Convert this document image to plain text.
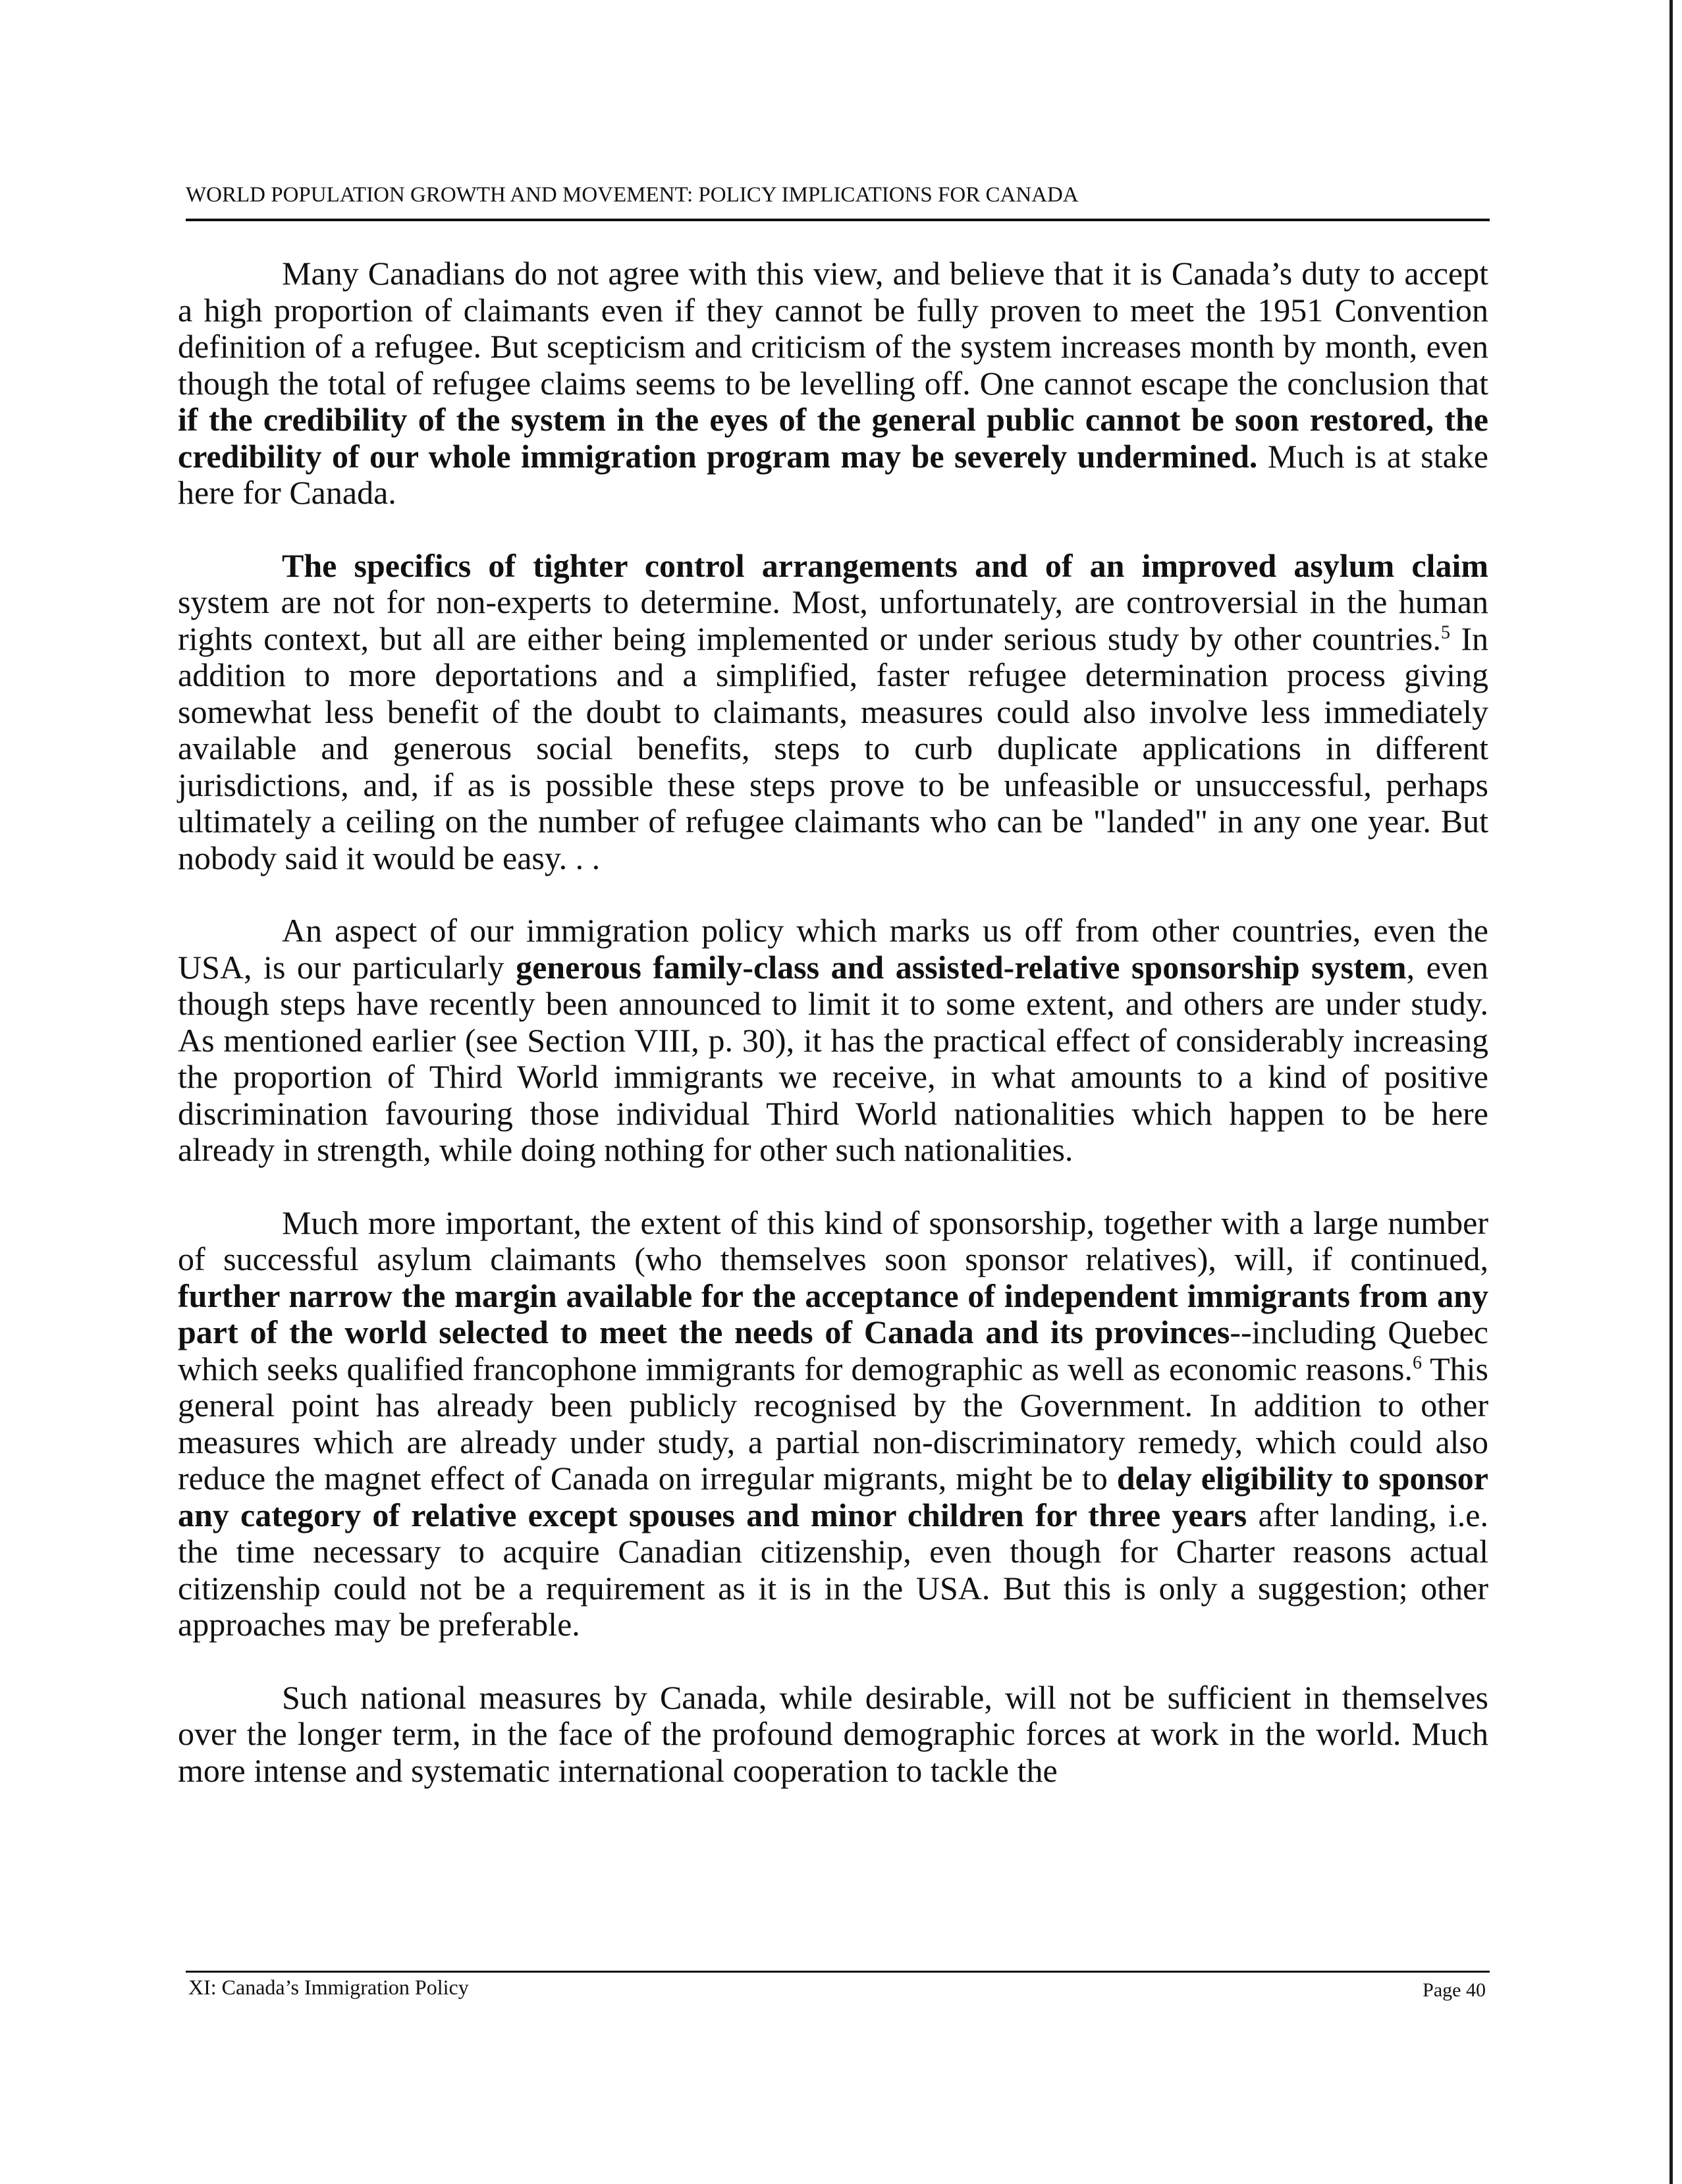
WORLD POPULATION GROWTH AND MOVEMENT: POLICY IMPLICATIONS FOR CANADA

Many Canadians do not agree with this view, and believe that it is Canada’s duty to accept a high proportion of claimants even if they cannot be fully proven to meet the 1951 Convention definition of a refugee. But scepticism and criticism of the system increases month by month, even though the total of refugee claims seems to be levelling off. One cannot escape the conclusion that if the credibility of the system in the eyes of the general public cannot be soon restored, the credibility of our whole immigration program may be severely undermined. Much is at stake here for Canada.

The specifics of tighter control arrangements and of an improved asylum claim system are not for non-experts to determine. Most, unfortunately, are controversial in the human rights context, but all are either being implemented or under serious study by other countries.$^5$ In addition to more deportations and a simplified, faster refugee determination process giving somewhat less benefit of the doubt to claimants, measures could also involve less immediately available and generous social benefits, steps to curb duplicate applications in different jurisdictions, and, if as is possible these steps prove to be unfeasible or unsuccessful, perhaps ultimately a ceiling on the number of refugee claimants who can be "landed" in any one year. But nobody said it would be easy. . .

An aspect of our immigration policy which marks us off from other countries, even the USA, is our particularly generous family-class and assisted-relative sponsorship system, even though steps have recently been announced to limit it to some extent, and others are under study. As mentioned earlier (see Section VIII, p. 30), it has the practical effect of considerably increasing the proportion of Third World immigrants we receive, in what amounts to a kind of positive discrimination favouring those individual Third World nationalities which happen to be here already in strength, while doing nothing for other such nationalities.

Much more important, the extent of this kind of sponsorship, together with a large number of successful asylum claimants (who themselves soon sponsor relatives), will, if continued, further narrow the margin available for the acceptance of independent immigrants from any part of the world selected to meet the needs of Canada and its provinces--including Quebec which seeks qualified francophone immigrants for demographic as well as economic reasons.$^6$ This general point has already been publicly recognised by the Government. In addition to other measures which are already under study, a partial non-discriminatory remedy, which could also reduce the magnet effect of Canada on irregular migrants, might be to delay eligibility to sponsor any category of relative except spouses and minor children for three years after landing, i.e. the time necessary to acquire Canadian citizenship, even though for Charter reasons actual citizenship could not be a requirement as it is in the USA. But this is only a suggestion; other approaches may be preferable.

Such national measures by Canada, while desirable, will not be sufficient in themselves over the longer term, in the face of the profound demographic forces at work in the world. Much more intense and systematic international cooperation to tackle the

XI: Canada’s Immigration Policy	Page 40
